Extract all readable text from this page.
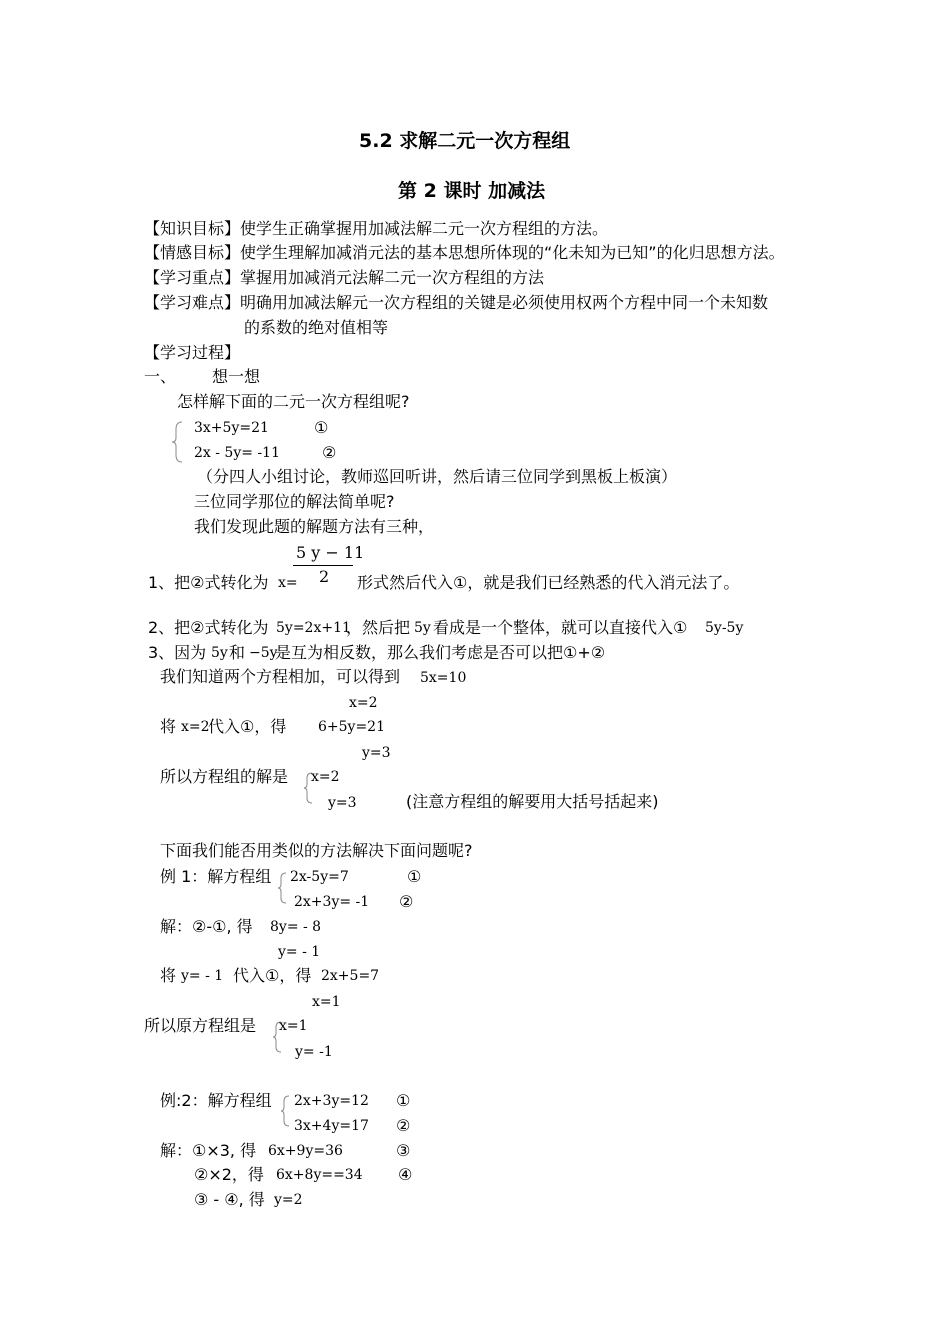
5.2 求解二元一次方程组
第 2 课时 加减法
【知识目标】使学生正确掌握用加减法解二元一次方程组的方法。
【情感目标】使学生理解加减消元法的基本思想所体现的“化未知为已知”的化归思想方法。
【学习重点】掌握用加减消元法解二元一次方程组的方法
【学习难点】明确用加减法解元一次方程组的关键是必须使用权两个方程中同一个未知数
的系数的绝对值相等
【学习过程】
一、 想一想
怎样解下面的二元一次方程组呢?
3x+5y=21	①
2x - 5y= -11	②
（分四人小组讨论，教师巡回听讲，然后请三位同学到黑板上板演）
三位同学那位的解法简单呢?
我们发现此题的解题方法有三种，
5 y − 11
2
1、把②式转化为 x=	形式然后代入①，就是我们已经熟悉的代入消元法了。
2、把②式转化为 5y=2x+11
，然后把 5y 看成是一个整体，就可以直接代入① 5y-5y
3、因为 5y 和 −5y
是互为相反数，那么我们考虑是否可以把①+②
我们知道两个方程相加，可以得到 5x=10
x=2
将 x=2
代入①，得 6+5y=21
y=3
所以方程组的解是 x=2
y=3	(注意方程组的解要用大括号括起来)
下面我们能否用类似的方法解决下面问题呢?
例 1：解方程组 2x-5y=7	①
2x+3y= -1 ②
解：②-①, 得 8y= - 8
y= - 1
将 y= - 1 代入①，得 2x+5=7
x=1
所以原方程组是 x=1
y= -1
例:2：解方程组 2x+3y=12 ①
3x+4y=17 ②
解：①×3, 得 6x+9y=36	③
②×2，得 6x+8y==34 ④
③ - ④, 得 y=2
